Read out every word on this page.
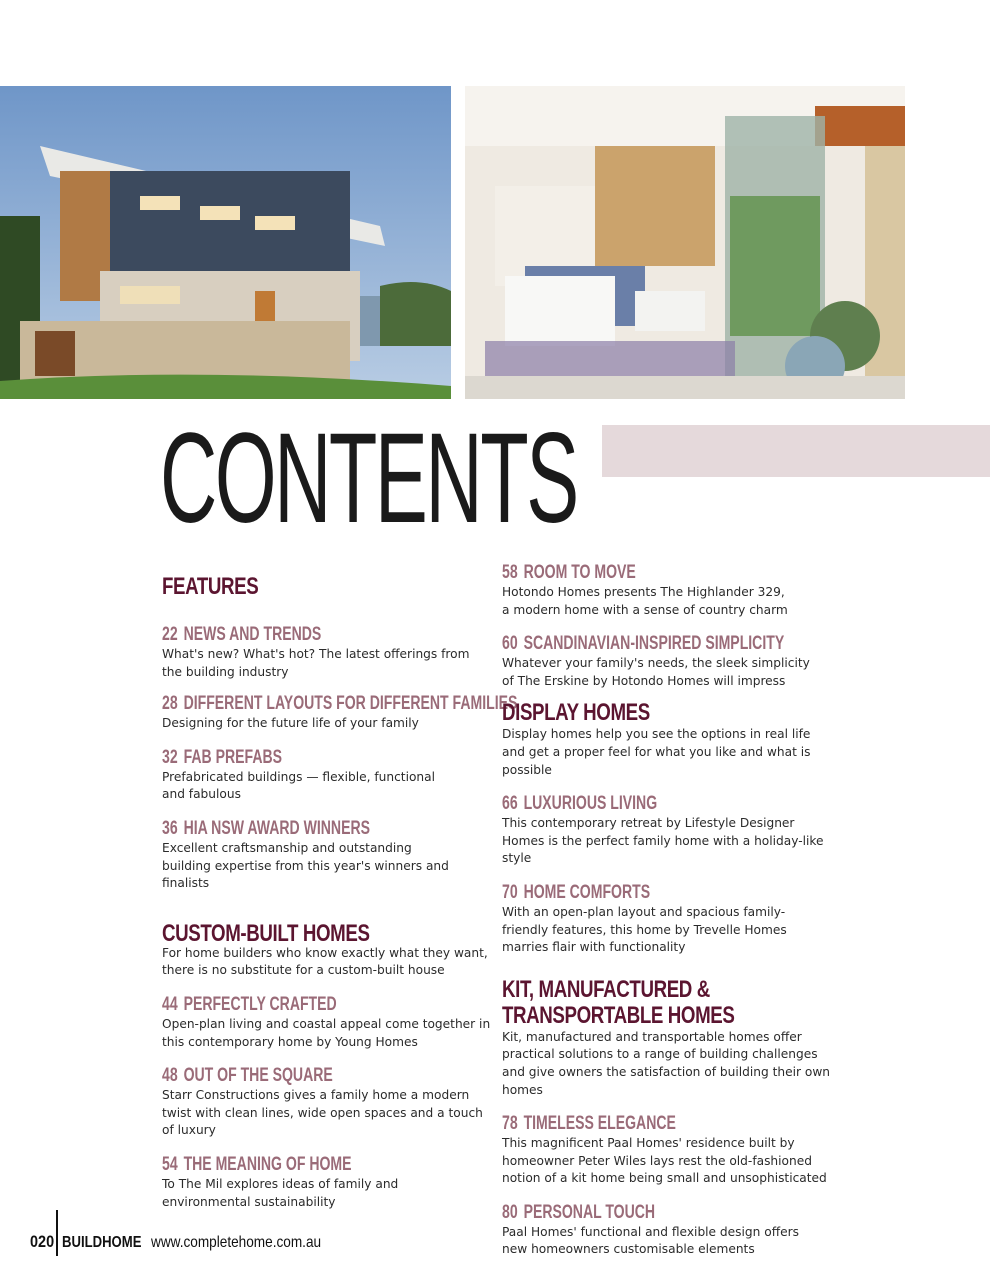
CONTENTS
FEATURES
22 NEWS AND TRENDS
What's new? What's hot? The latest offerings from the building industry
28 DIFFERENT LAYOUTS FOR DIFFERENT FAMILIES
Designing for the future life of your family
32 FAB PREFABS
Prefabricated buildings — flexible, functional and fabulous
36 HIA NSW AWARD WINNERS
Excellent craftsmanship and outstanding building expertise from this year's winners and finalists
CUSTOM-BUILT HOMES
For home builders who know exactly what they want, there is no substitute for a custom-built house
44 PERFECTLY CRAFTED
Open-plan living and coastal appeal come together in this contemporary home by Young Homes
48 OUT OF THE SQUARE
Starr Constructions gives a family home a modern twist with clean lines, wide open spaces and a touch of luxury
54 THE MEANING OF HOME
To The Mil explores ideas of family and environmental sustainability
58 ROOM TO MOVE
Hotondo Homes presents The Highlander 329, a modern home with a sense of country charm
60 SCANDINAVIAN-INSPIRED SIMPLICITY
Whatever your family's needs, the sleek simplicity of The Erskine by Hotondo Homes will impress
DISPLAY HOMES
Display homes help you see the options in real life and get a proper feel for what you like and what is possible
66 LUXURIOUS LIVING
This contemporary retreat by Lifestyle Designer Homes is the perfect family home with a holiday-like style
70 HOME COMFORTS
With an open-plan layout and spacious family-friendly features, this home by Trevelle Homes marries flair with functionality
KIT, MANUFACTURED &
TRANSPORTABLE HOMES
Kit, manufactured and transportable homes offer practical solutions to a range of building challenges and give owners the satisfaction of building their own homes
78 TIMELESS ELEGANCE
This magnificent Paal Homes' residence built by homeowner Peter Wiles lays rest the old-fashioned notion of a kit home being small and unsophisticated
80 PERSONAL TOUCH
Paal Homes' functional and flexible design offers new homeowners customisable elements
020 BUILDHOME www.completehome.com.au
